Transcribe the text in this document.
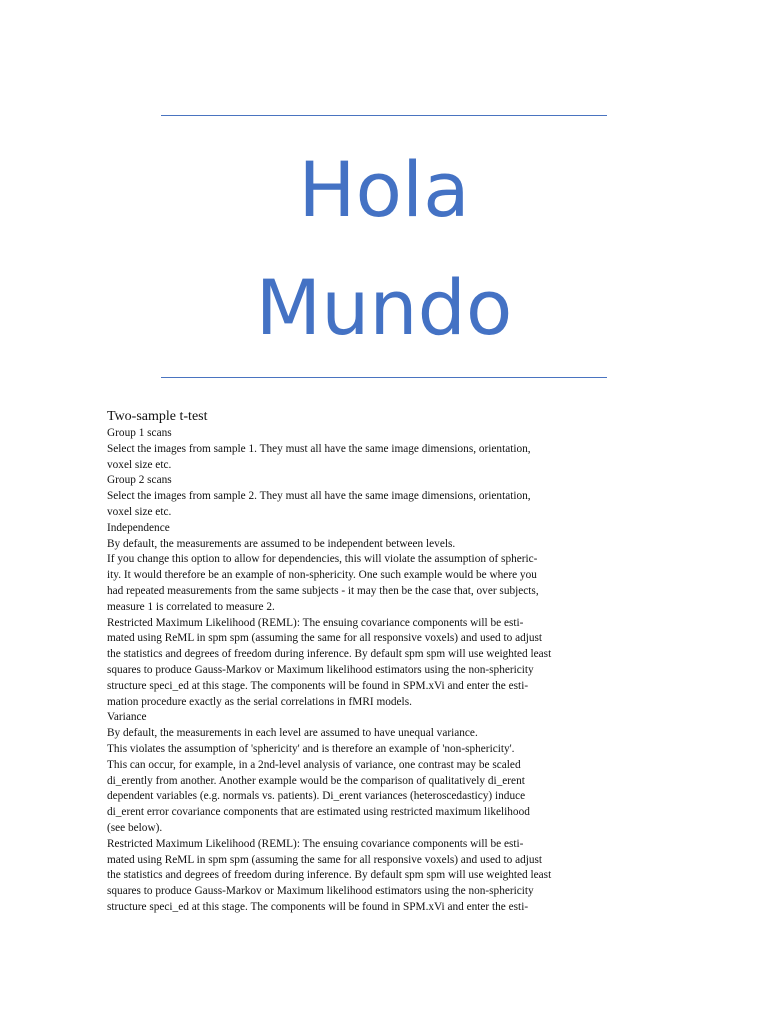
Hola
Mundo
Two-sample t-test
Group 1 scans
Select the images from sample 1. They must all have the same image dimensions, orientation,
voxel size etc.
Group 2 scans
Select the images from sample 2. They must all have the same image dimensions, orientation,
voxel size etc.
Independence
By default, the measurements are assumed to be independent between levels.
If you change this option to allow for dependencies, this will violate the assumption of spheric-
ity. It would therefore be an example of non-sphericity. One such example would be where you
had repeated measurements from the same subjects - it may then be the case that, over subjects,
measure 1 is correlated to measure 2.
Restricted Maximum Likelihood (REML): The ensuing covariance components will be esti-
mated using ReML in spm spm (assuming the same for all responsive voxels) and used to adjust
the statistics and degrees of freedom during inference. By default spm spm will use weighted least
squares to produce Gauss-Markov or Maximum likelihood estimators using the non-sphericity
structure speci_ed at this stage. The components will be found in SPM.xVi and enter the esti-
mation procedure exactly as the serial correlations in fMRI models.
Variance
By default, the measurements in each level are assumed to have unequal variance.
This violates the assumption of 'sphericity' and is therefore an example of 'non-sphericity'.
This can occur, for example, in a 2nd-level analysis of variance, one contrast may be scaled
di_erently from another. Another example would be the comparison of qualitatively di_erent
dependent variables (e.g. normals vs. patients). Di_erent variances (heteroscedasticy) induce
di_erent error covariance components that are estimated using restricted maximum likelihood
(see below).
Restricted Maximum Likelihood (REML): The ensuing covariance components will be esti-
mated using ReML in spm spm (assuming the same for all responsive voxels) and used to adjust
the statistics and degrees of freedom during inference. By default spm spm will use weighted least
squares to produce Gauss-Markov or Maximum likelihood estimators using the non-sphericity
structure speci_ed at this stage. The components will be found in SPM.xVi and enter the esti-
